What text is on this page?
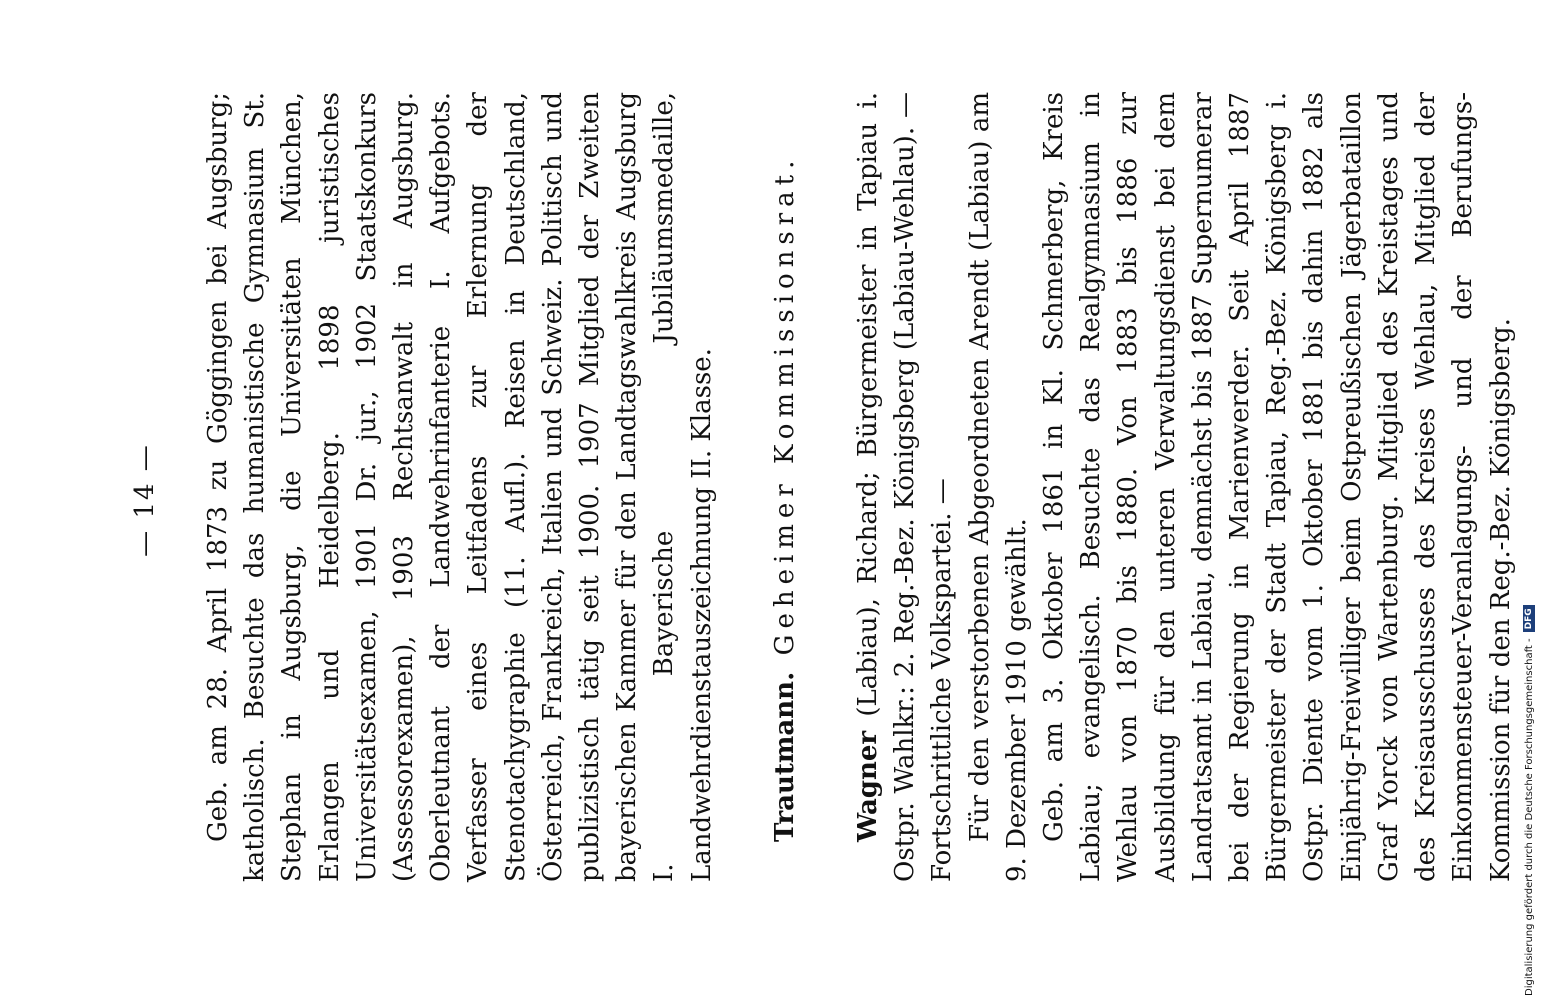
— 14 — Geb. am 28. April 1873 zu Göggingen bei Augsburg; katholisch. Besuchte das humanistische Gymnasium St. Stephan in Augsburg, die Universitäten München, Erlangen und Heidelberg. 1898 juristisches Universitätsexamen, 1901 Dr. jur., 1902 Staatskonkurs (Assessorexamen), 1903 Rechtsanwalt in Augsburg. Oberleutnant der Landwehrinfanterie I. Aufgebots. Verfasser eines Leitfadens zur Erlernung der Stenotachygraphie (11. Aufl.). Reisen in Deutschland, Österreich, Frankreich, Italien und Schweiz. Politisch und publizistisch tätig seit 1900. 1907 Mitglied der Zweiten bayerischen Kammer für den Landtagswahlkreis Augsburg I. Bayerische Jubiläumsmedaille, Landwehrdienstauszeichnung II. Klasse. Trautmann.  Geheimer Kommissionsrat.

Wagner (Labiau), Richard; Bürgermeister in Tapiau i. Ostpr. Wahlkr.: 2. Reg.-Bez. Königsberg (Labiau-Wehlau). — Fortschrittliche Volkspartei. — Für den verstorbenen Abgeordneten Arendt (Labiau) am 9. Dezember 1910 gewählt. Geb. am 3. Oktober 1861 in Kl. Schmerberg, Kreis Labiau; evangelisch. Besuchte das Realgymnasium in Wehlau von 1870 bis 1880. Von 1883 bis 1886 zur Ausbildung für den unteren Verwaltungsdienst bei dem Landratsamt in Labiau, demnächst bis 1887 Supernumerar bei der Regierung in Marienwerder. Seit April 1887 Bürgermeister der Stadt Tapiau, Reg.-Bez. Königsberg i. Ostpr. Diente vom 1. Oktober 1881 bis dahin 1882 als Einjährig-Freiwilliger beim Ostpreußischen Jägerbataillon Graf Yorck von Wartenburg. Mitglied des Kreistages und des Kreisausschusses des Kreises Wehlau, Mitglied der Einkommensteuer-Veranlagungs- und der Berufungs-Kommission für den Reg.-Bez. Königsberg. Digitalisierung gefördert durch die Deutsche Forschungsgemeinschaft -
DFG
